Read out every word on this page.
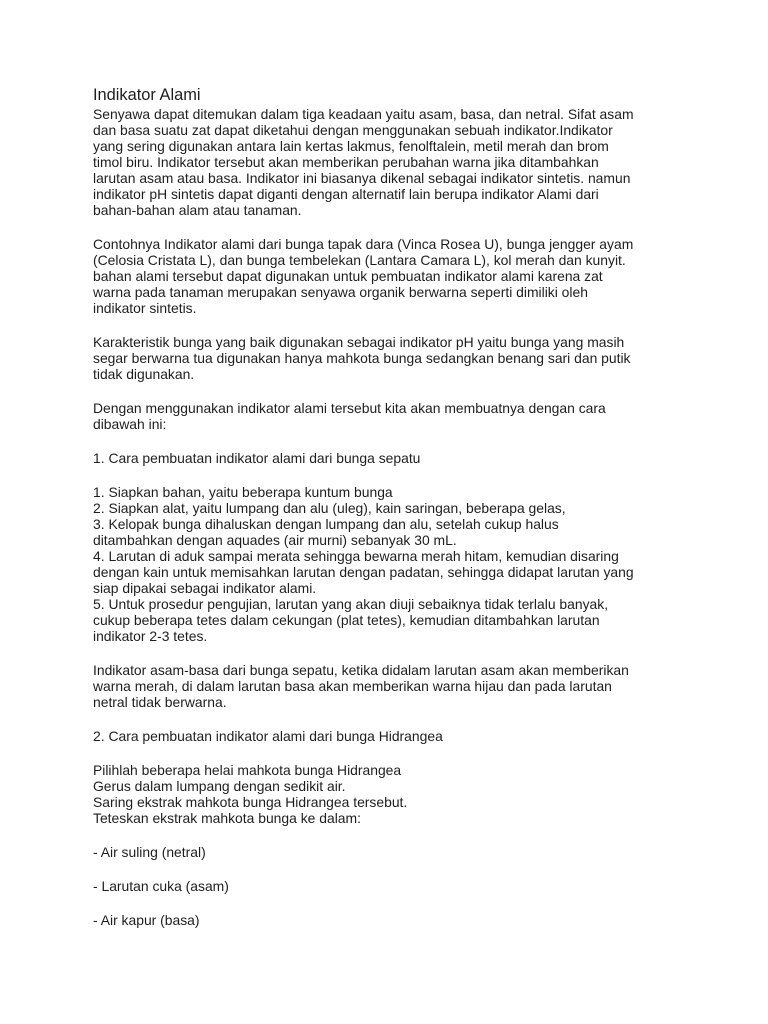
Indikator Alami
Senyawa dapat ditemukan dalam tiga keadaan yaitu asam, basa, dan netral. Sifat asam
dan basa suatu zat dapat diketahui dengan menggunakan sebuah indikator.Indikator
yang sering digunakan antara lain kertas lakmus, fenolftalein, metil merah dan brom
timol biru. Indikator tersebut akan memberikan perubahan warna jika ditambahkan
larutan asam atau basa. Indikator ini biasanya dikenal sebagai indikator sintetis. namun
indikator pH sintetis dapat diganti dengan alternatif lain berupa indikator Alami dari
bahan-bahan alam atau tanaman.
Contohnya Indikator alami dari bunga tapak dara (Vinca Rosea U), bunga jengger ayam
(Celosia Cristata L), dan bunga tembelekan (Lantara Camara L), kol merah dan kunyit.
bahan alami tersebut dapat digunakan untuk pembuatan indikator alami karena zat
warna pada tanaman merupakan senyawa organik berwarna seperti dimiliki oleh
indikator sintetis.
Karakteristik bunga yang baik digunakan sebagai indikator pH yaitu bunga yang masih
segar berwarna tua digunakan hanya mahkota bunga sedangkan benang sari dan putik
tidak digunakan.
Dengan menggunakan indikator alami tersebut kita akan membuatnya dengan cara
dibawah ini:
1. Cara pembuatan indikator alami dari bunga sepatu
1. Siapkan bahan, yaitu beberapa kuntum bunga
2. Siapkan alat, yaitu lumpang dan alu (uleg), kain saringan, beberapa gelas,
3. Kelopak bunga dihaluskan dengan lumpang dan alu, setelah cukup halus
ditambahkan dengan aquades (air murni) sebanyak 30 mL.
4. Larutan di aduk sampai merata sehingga bewarna merah hitam, kemudian disaring
dengan kain untuk memisahkan larutan dengan padatan, sehingga didapat larutan yang
siap dipakai sebagai indikator alami.
5. Untuk prosedur pengujian, larutan yang akan diuji sebaiknya tidak terlalu banyak,
cukup beberapa tetes dalam cekungan (plat tetes), kemudian ditambahkan larutan
indikator 2-3 tetes.
Indikator asam-basa dari bunga sepatu, ketika didalam larutan asam akan memberikan
warna merah, di dalam larutan basa akan memberikan warna hijau dan pada larutan
netral tidak berwarna.
2. Cara pembuatan indikator alami dari bunga Hidrangea
Pilihlah beberapa helai mahkota bunga Hidrangea
Gerus dalam lumpang dengan sedikit air.
Saring ekstrak mahkota bunga Hidrangea tersebut.
Teteskan ekstrak mahkota bunga ke dalam:
- Air suling (netral)
- Larutan cuka (asam)
- Air kapur (basa)
